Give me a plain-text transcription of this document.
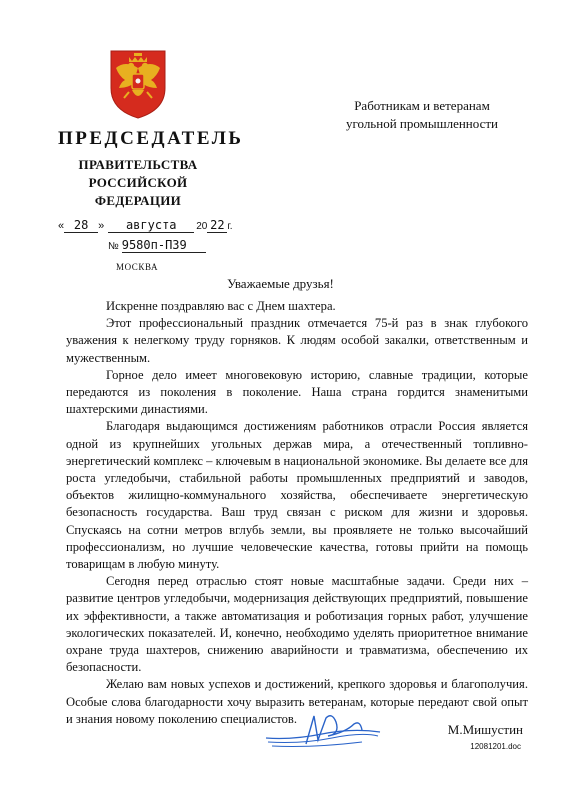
Работникам и ветеранам
угольной промышленности
ПРЕДСЕДАТЕЛЬ
ПРАВИТЕЛЬСТВА
РОССИЙСКОЙ ФЕДЕРАЦИИ
« 28 »	августа	20 22 г.
№ 9580п-П39
МОСКВА
Уважаемые друзья!

Искренне поздравляю вас с Днем шахтера.

Этот профессиональный праздник отмечается 75-й раз в знак глубокого уважения к нелегкому труду горняков. К людям особой закалки, ответственным и мужественным.

Горное дело имеет многовековую историю, славные традиции, которые передаются из поколения в поколение. Наша страна гордится знаменитыми шахтерскими династиями.

Благодаря выдающимся достижениям работников отрасли Россия является одной из крупнейших угольных держав мира, а отечественный топливно-энергетический комплекс – ключевым в национальной экономике. Вы делаете все для роста угледобычи, стабильной работы промышленных предприятий и заводов, объектов жилищно-коммунального хозяйства, обеспечиваете энергетическую безопасность государства. Ваш труд связан с риском для жизни и здоровья. Спускаясь на сотни метров вглубь земли, вы проявляете не только высочайший профессионализм, но лучшие человеческие качества, готовы прийти на помощь товарищам в любую минуту.

Сегодня перед отраслью стоят новые масштабные задачи. Среди них – развитие центров угледобычи, модернизация действующих предприятий, повышение их эффективности, а также автоматизация и роботизация горных работ, улучшение экологических показателей. И, конечно, необходимо уделять приоритетное внимание охране труда шахтеров, снижению аварийности и травматизма, обеспечению их безопасности.

Желаю вам новых успехов и достижений, крепкого здоровья и благополучия. Особые слова благодарности хочу выразить ветеранам, которые передают свой опыт и знания новому поколению специалистов.

М.Мишустин
12081201.doc
